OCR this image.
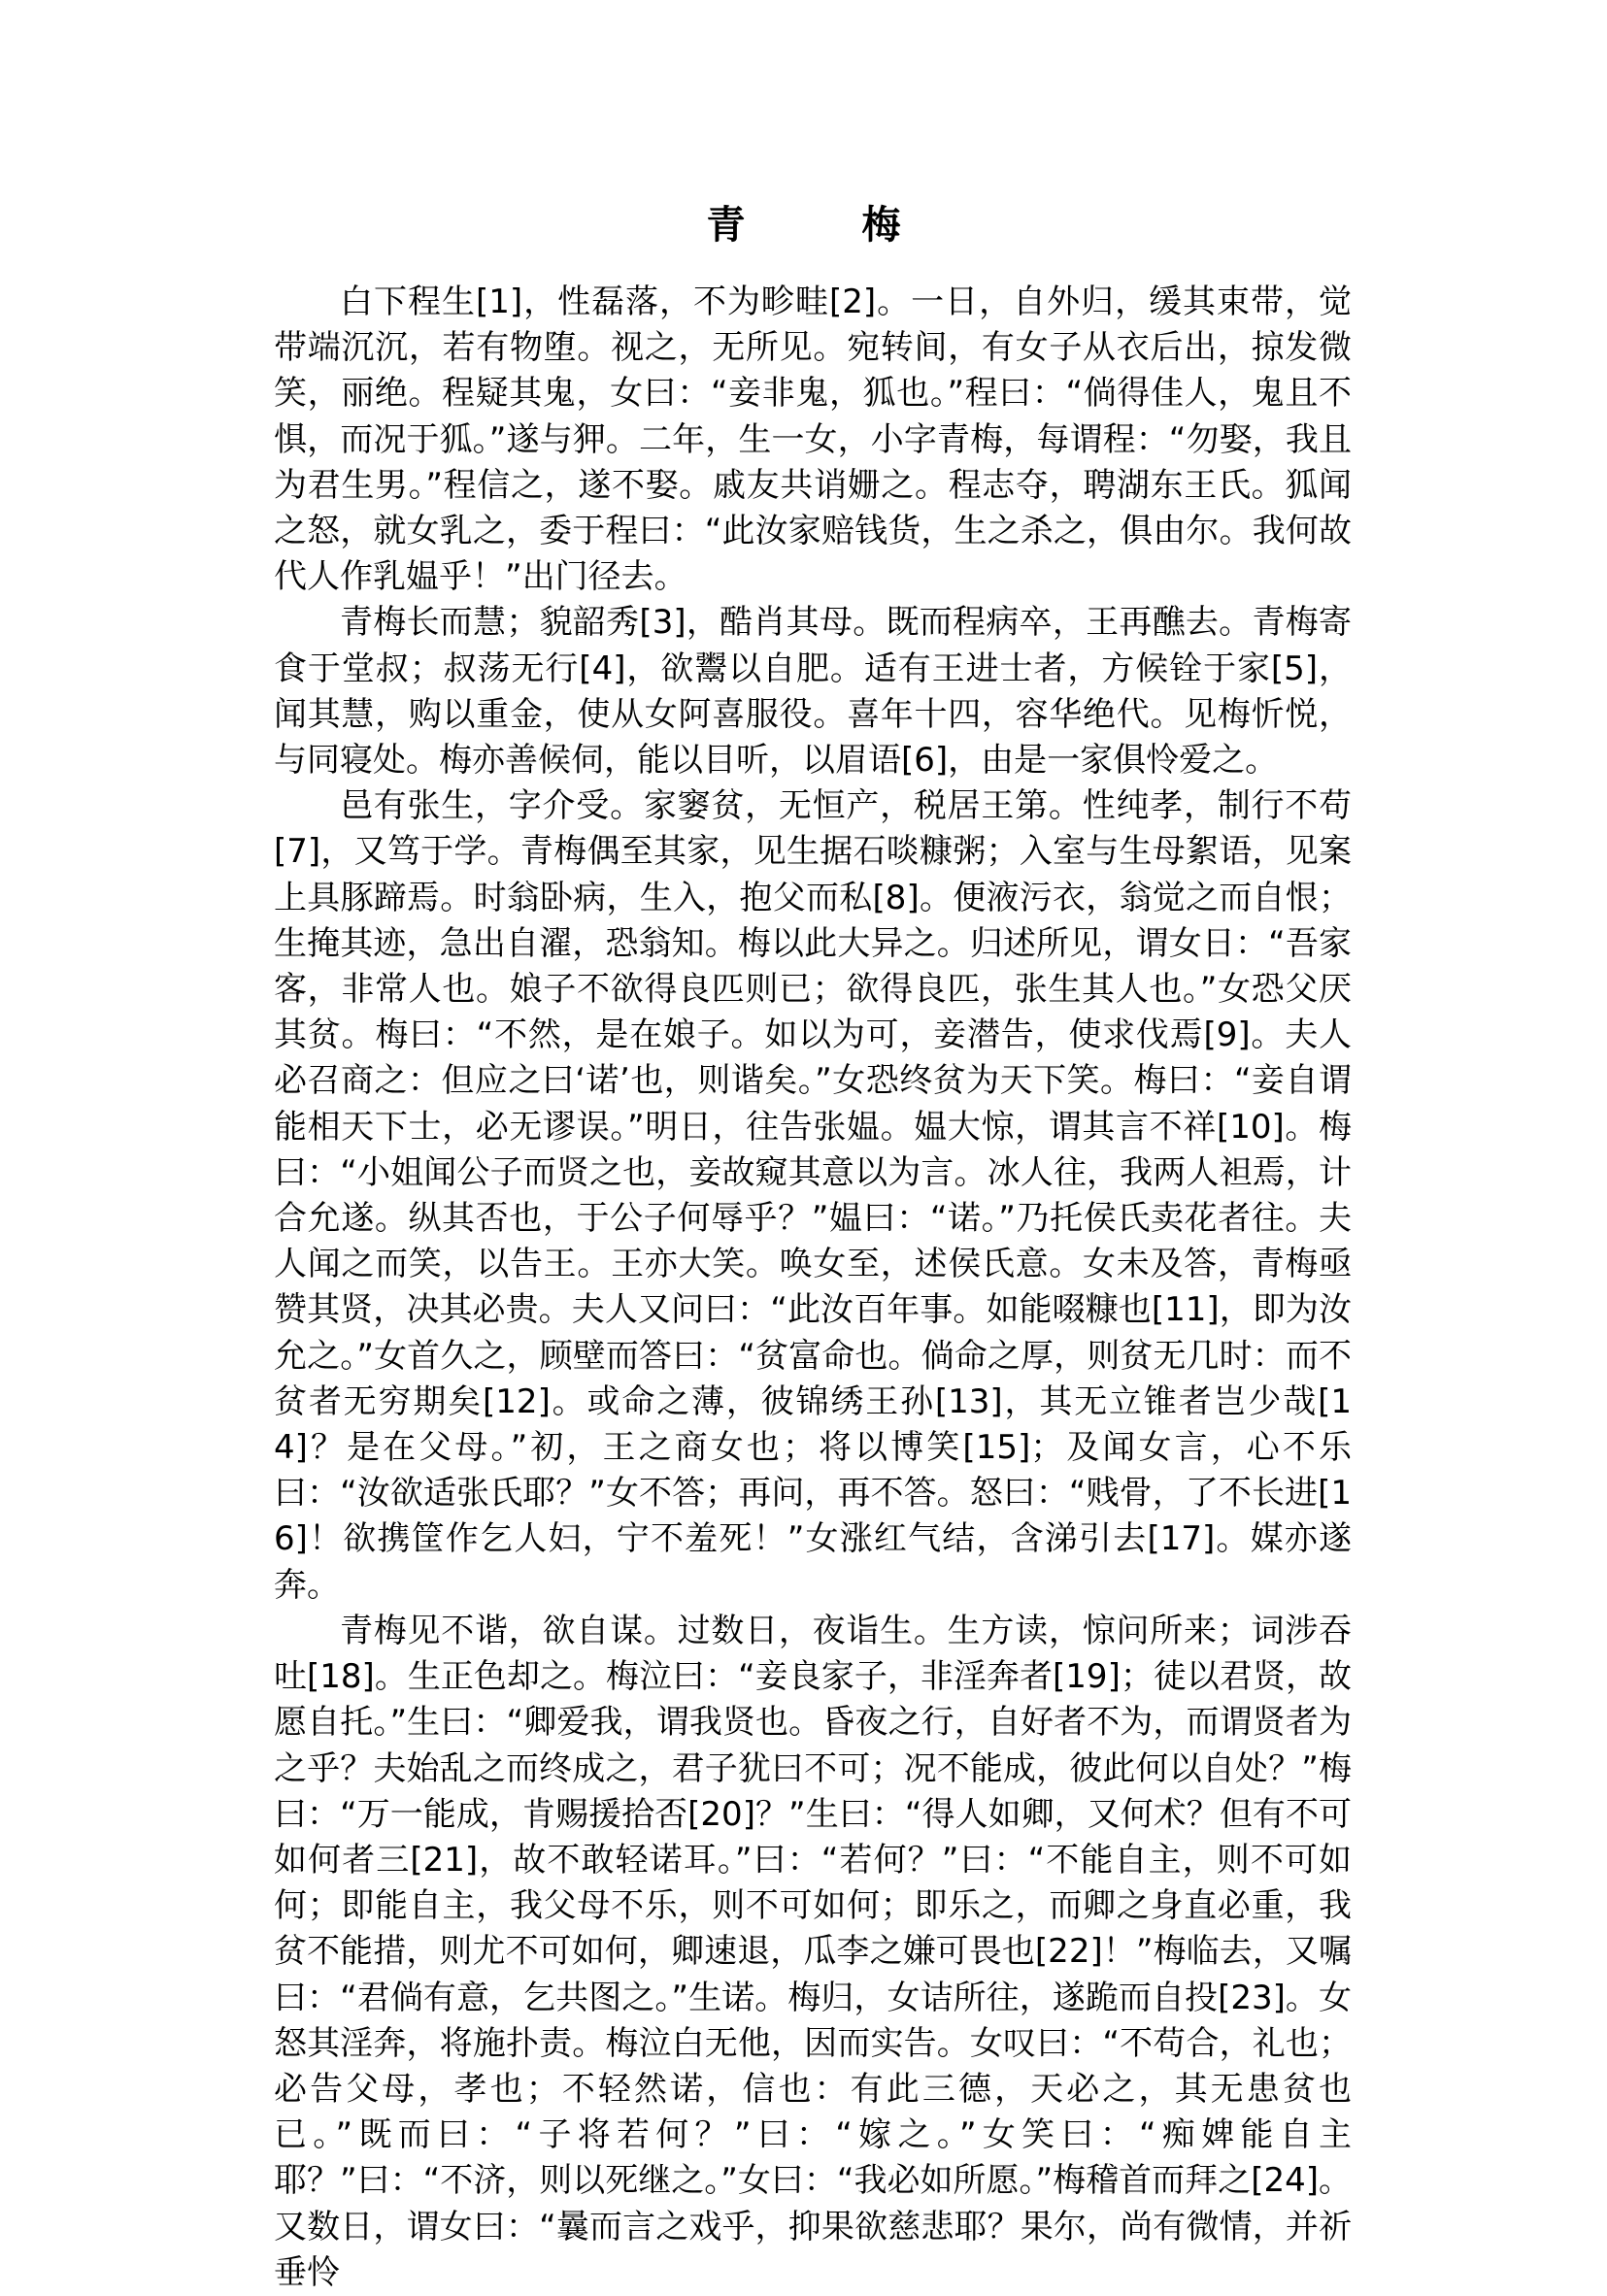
青　梅

白下程生[1]，性磊落，不为畛畦[2]。一日，自外归，缓其束带，觉带端沉沉，若有物堕。视之，无所见。宛转间，有女子从衣后出，掠发微笑，丽绝。程疑其鬼，女曰：“妾非鬼，狐也。”程曰：“倘得佳人，鬼且不惧，而况于狐。”遂与狎。二年，生一女，小字青梅，每谓程：“勿娶，我且为君生男。”程信之，遂不娶。戚友共诮姗之。程志夺，聘湖东王氏。狐闻之怒，就女乳之，委于程曰：“此汝家赔钱货，生之杀之，俱由尔。我何故代人作乳媪乎！”出门径去。

青梅长而慧；貌韶秀[3]，酷肖其母。既而程病卒，王再醮去。青梅寄食于堂叔；叔荡无行[4]，欲鬻以自肥。适有王进士者，方候铨于家[5]，闻其慧，购以重金，使从女阿喜服役。喜年十四，容华绝代。见梅忻悦，与同寝处。梅亦善候伺，能以目听，以眉语[6]，由是一家俱怜爱之。

邑有张生，字介受。家窭贫，无恒产，税居王第。性纯孝，制行不苟[7]，又笃于学。青梅偶至其家，见生据石啖糠粥；入室与生母絮语，见案上具豚蹄焉。时翁卧病，生入，抱父而私[8]。便液污衣，翁觉之而自恨；生掩其迹，急出自濯，恐翁知。梅以此大异之。归述所见，谓女日：“吾家客，非常人也。娘子不欲得良匹则已；欲得良匹，张生其人也。”女恐父厌其贫。梅曰：“不然，是在娘子。如以为可，妾潜告，使求伐焉[9]。夫人必召商之：但应之曰‘诺’也，则谐矣。”女恐终贫为天下笑。梅曰：“妾自谓能相天下士，必无谬误。”明日，往告张媪。媪大惊，谓其言不祥[10]。梅曰：“小姐闻公子而贤之也，妾故窥其意以为言。冰人往，我两人袒焉，计合允遂。纵其否也，于公子何辱乎？”媪曰：“诺。”乃托侯氏卖花者往。夫人闻之而笑，以告王。王亦大笑。唤女至，述侯氏意。女未及答，青梅亟赞其贤，决其必贵。夫人又问曰：“此汝百年事。如能啜糠也[11]，即为汝允之。”女首久之，顾壁而答曰：“贫富命也。倘命之厚，则贫无几时：而不贫者无穷期矣[12]。或命之薄，彼锦绣王孙[13]，其无立锥者岂少哉[14]？是在父母。”初，王之商女也；将以博笑[15]；及闻女言，心不乐曰：“汝欲适张氏耶？”女不答；再问，再不答。怒曰：“贱骨，了不长进[16]！欲携筐作乞人妇，宁不羞死！”女涨红气结，含涕引去[17]。媒亦遂奔。

青梅见不谐，欲自谋。过数日，夜诣生。生方读，惊问所来；词涉吞吐[18]。生正色却之。梅泣曰：“妾良家子，非淫奔者[19]；徒以君贤，故愿自托。”生曰：“卿爱我，谓我贤也。昏夜之行，自好者不为，而谓贤者为之乎？夫始乱之而终成之，君子犹曰不可；况不能成，彼此何以自处？”梅曰：“万一能成，肯赐援拾否[20]？”生曰：“得人如卿，又何术？但有不可如何者三[21]，故不敢轻诺耳。”曰：“若何？”曰：“不能自主，则不可如何；即能自主，我父母不乐，则不可如何；即乐之，而卿之身直必重，我贫不能措，则尤不可如何，卿速退，瓜李之嫌可畏也[22]！”梅临去，又嘱曰：“君倘有意，乞共图之。”生诺。梅归，女诘所往，遂跪而自投[23]。女怒其淫奔，将施扑责。梅泣白无他，因而实告。女叹曰：“不苟合，礼也；必告父母，孝也；不轻然诺，信也：有此三德，天必之，其无患贫也已。”既而曰：“子将若何？”曰：“嫁之。”女笑曰：“痴婢能自主耶？”曰：“不济，则以死继之。”女曰：“我必如所愿。”梅稽首而拜之[24]。又数日，谓女曰：“曩而言之戏乎，抑果欲慈悲耶？果尔，尚有微情，并祈垂怜
